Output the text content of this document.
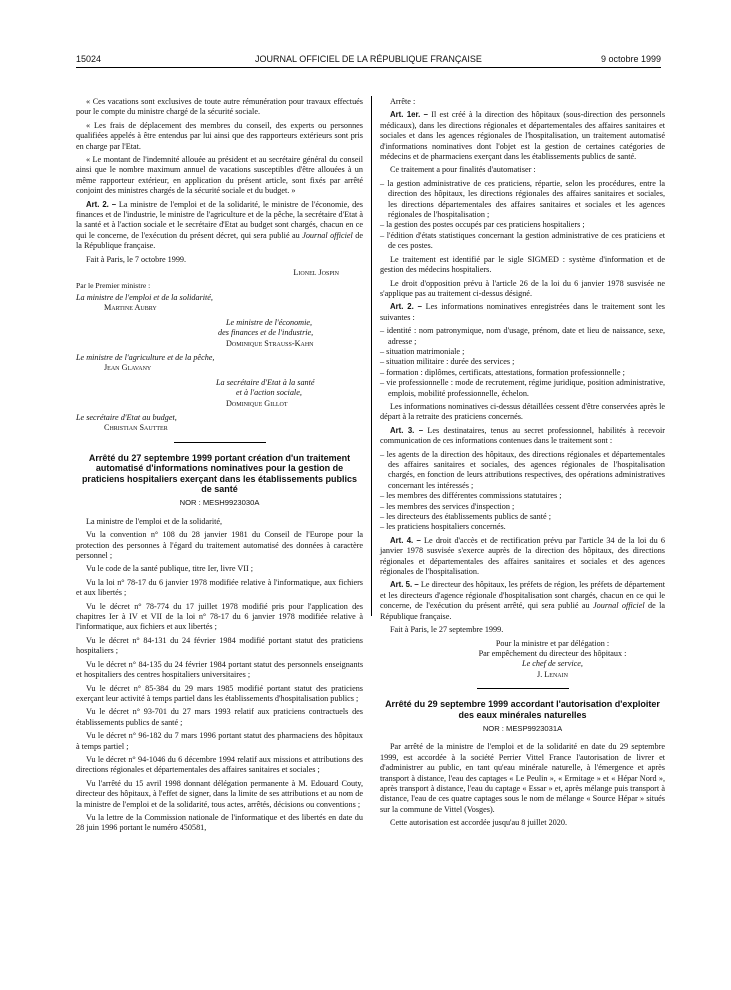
15024	JOURNAL OFFICIEL DE LA RÉPUBLIQUE FRANÇAISE	9 octobre 1999

« Ces vacations sont exclusives de toute autre rémunération pour travaux effectués pour le compte du ministre chargé de la sécurité sociale.

« Les frais de déplacement des membres du conseil, des experts ou personnes qualifiées appelés à être entendus par lui ainsi que des rapporteurs extérieurs sont pris en charge par l'Etat.

« Le montant de l'indemnité allouée au président et au secrétaire général du conseil ainsi que le nombre maximum annuel de vacations susceptibles d'être allouées à un même rapporteur extérieur, en application du présent article, sont fixés par arrêté conjoint des ministres chargés de la sécurité sociale et du budget. »

Art. 2. – La ministre de l'emploi et de la solidarité, le ministre de l'économie, des finances et de l'industrie, le ministre de l'agriculture et de la pêche, la secrétaire d'Etat à la santé et à l'action sociale et le secrétaire d'Etat au budget sont chargés, chacun en ce qui le concerne, de l'exécution du présent décret, qui sera publié au Journal officiel de la République française.

Fait à Paris, le 7 octobre 1999.

Lionel Jospin
Par le Premier ministre :
La ministre de l'emploi et de la solidarité,
Martine Aubry
Le ministre de l'économie,
des finances et de l'industrie,
Dominique Strauss-Kahn
Le ministre de l'agriculture et de la pêche,
Jean Glavany
La secrétaire d'Etat à la santé
et à l'action sociale,
Dominique Gillot
Le secrétaire d'Etat au budget,
Christian Sautter
Arrêté du 27 septembre 1999 portant création d'un traitement automatisé d'informations nominatives pour la gestion de praticiens hospitaliers exerçant dans les établissements publics de santé
NOR : MESH9923030A

La ministre de l'emploi et de la solidarité,

Vu la convention n° 108 du 28 janvier 1981 du Conseil de l'Europe pour la protection des personnes à l'égard du traitement automatisé des données à caractère personnel ;

Vu le code de la santé publique, titre Ier, livre VII ;

Vu la loi n° 78-17 du 6 janvier 1978 modifiée relative à l'informatique, aux fichiers et aux libertés ;

Vu le décret n° 78-774 du 17 juillet 1978 modifié pris pour l'application des chapitres Ier à IV et VII de la loi n° 78-17 du 6 janvier 1978 modifiée relative à l'informatique, aux fichiers et aux libertés ;

Vu le décret n° 84-131 du 24 février 1984 modifié portant statut des praticiens hospitaliers ;

Vu le décret n° 84-135 du 24 février 1984 portant statut des personnels enseignants et hospitaliers des centres hospitaliers universitaires ;

Vu le décret n° 85-384 du 29 mars 1985 modifié portant statut des praticiens exerçant leur activité à temps partiel dans les établissements d'hospitalisation publics ;

Vu le décret n° 93-701 du 27 mars 1993 relatif aux praticiens contractuels des établissements publics de santé ;

Vu le décret n° 96-182 du 7 mars 1996 portant statut des pharmaciens des hôpitaux à temps partiel ;

Vu le décret n° 94-1046 du 6 décembre 1994 relatif aux missions et attributions des directions régionales et départementales des affaires sanitaires et sociales ;

Vu l'arrêté du 15 avril 1998 donnant délégation permanente à M. Edouard Couty, directeur des hôpitaux, à l'effet de signer, dans la limite de ses attributions et au nom de la ministre de l'emploi et de la solidarité, tous actes, arrêtés, décisions ou conventions ;

Vu la lettre de la Commission nationale de l'informatique et des libertés en date du 28 juin 1996 portant le numéro 450581,

Arrête :

Art. 1er. – Il est créé à la direction des hôpitaux (sous-direction des personnels médicaux), dans les directions régionales et départementales des affaires sanitaires et sociales et dans les agences régionales de l'hospitalisation, un traitement automatisé d'informations nominatives dont l'objet est la gestion de certaines catégories de médecins et de pharmaciens exerçant dans les établissements publics de santé.

Ce traitement a pour finalités d'automatiser :

– la gestion administrative de ces praticiens, répartie, selon les procédures, entre la direction des hôpitaux, les directions régionales des affaires sanitaires et sociales, les directions départementales des affaires sanitaires et sociales et les agences régionales de l'hospitalisation ;
– la gestion des postes occupés par ces praticiens hospitaliers ;
– l'édition d'états statistiques concernant la gestion administrative de ces praticiens et de ces postes.

Le traitement est identifié par le sigle SIGMED : système d'information et de gestion des médecins hospitaliers.

Le droit d'opposition prévu à l'article 26 de la loi du 6 janvier 1978 susvisée ne s'applique pas au traitement ci-dessus désigné.

Art. 2. – Les informations nominatives enregistrées dans le traitement sont les suivantes :

– identité : nom patronymique, nom d'usage, prénom, date et lieu de naissance, sexe, adresse ;
– situation matrimoniale ;
– situation militaire : durée des services ;
– formation : diplômes, certificats, attestations, formation professionnelle ;
– vie professionnelle : mode de recrutement, régime juridique, position administrative, emplois, mobilité professionnelle, échelon.

Les informations nominatives ci-dessus détaillées cessent d'être conservées après le départ à la retraite des praticiens concernés.

Art. 3. – Les destinataires, tenus au secret professionnel, habilités à recevoir communication de ces informations contenues dans le traitement sont :

– les agents de la direction des hôpitaux, des directions régionales et départementales des affaires sanitaires et sociales, des agences régionales de l'hospitalisation chargés, en fonction de leurs attributions respectives, des opérations administratives concernant les intéressés ;
– les membres des différentes commissions statutaires ;
– les membres des services d'inspection ;
– les directeurs des établissements publics de santé ;
– les praticiens hospitaliers concernés.

Art. 4. – Le droit d'accès et de rectification prévu par l'article 34 de la loi du 6 janvier 1978 susvisée s'exerce auprès de la direction des hôpitaux, des directions régionales et départementales des affaires sanitaires et sociales et des agences régionales de l'hospitalisation.

Art. 5. – Le directeur des hôpitaux, les préfets de région, les préfets de département et les directeurs d'agence régionale d'hospitalisation sont chargés, chacun en ce qui le concerne, de l'exécution du présent arrêté, qui sera publié au Journal officiel de la République française.

Fait à Paris, le 27 septembre 1999.

Pour la ministre et par délégation :
Par empêchement du directeur des hôpitaux :
Le chef de service,
J. Lenain
Arrêté du 29 septembre 1999 accordant l'autorisation d'exploiter des eaux minérales naturelles
NOR : MESP9923031A

Par arrêté de la ministre de l'emploi et de la solidarité en date du 29 septembre 1999, est accordée à la société Perrier Vittel France l'autorisation de livrer et d'administrer au public, en tant qu'eau minérale naturelle, à l'émergence et après transport à distance, l'eau des captages « Le Peulin », « Ermitage » et « Hépar Nord », après transport à distance, l'eau du captage « Essar » et, après mélange puis transport à distance, l'eau de ces quatre captages sous le nom de mélange « Source Hépar » situés sur la commune de Vittel (Vosges).

Cette autorisation est accordée jusqu'au 8 juillet 2020.
